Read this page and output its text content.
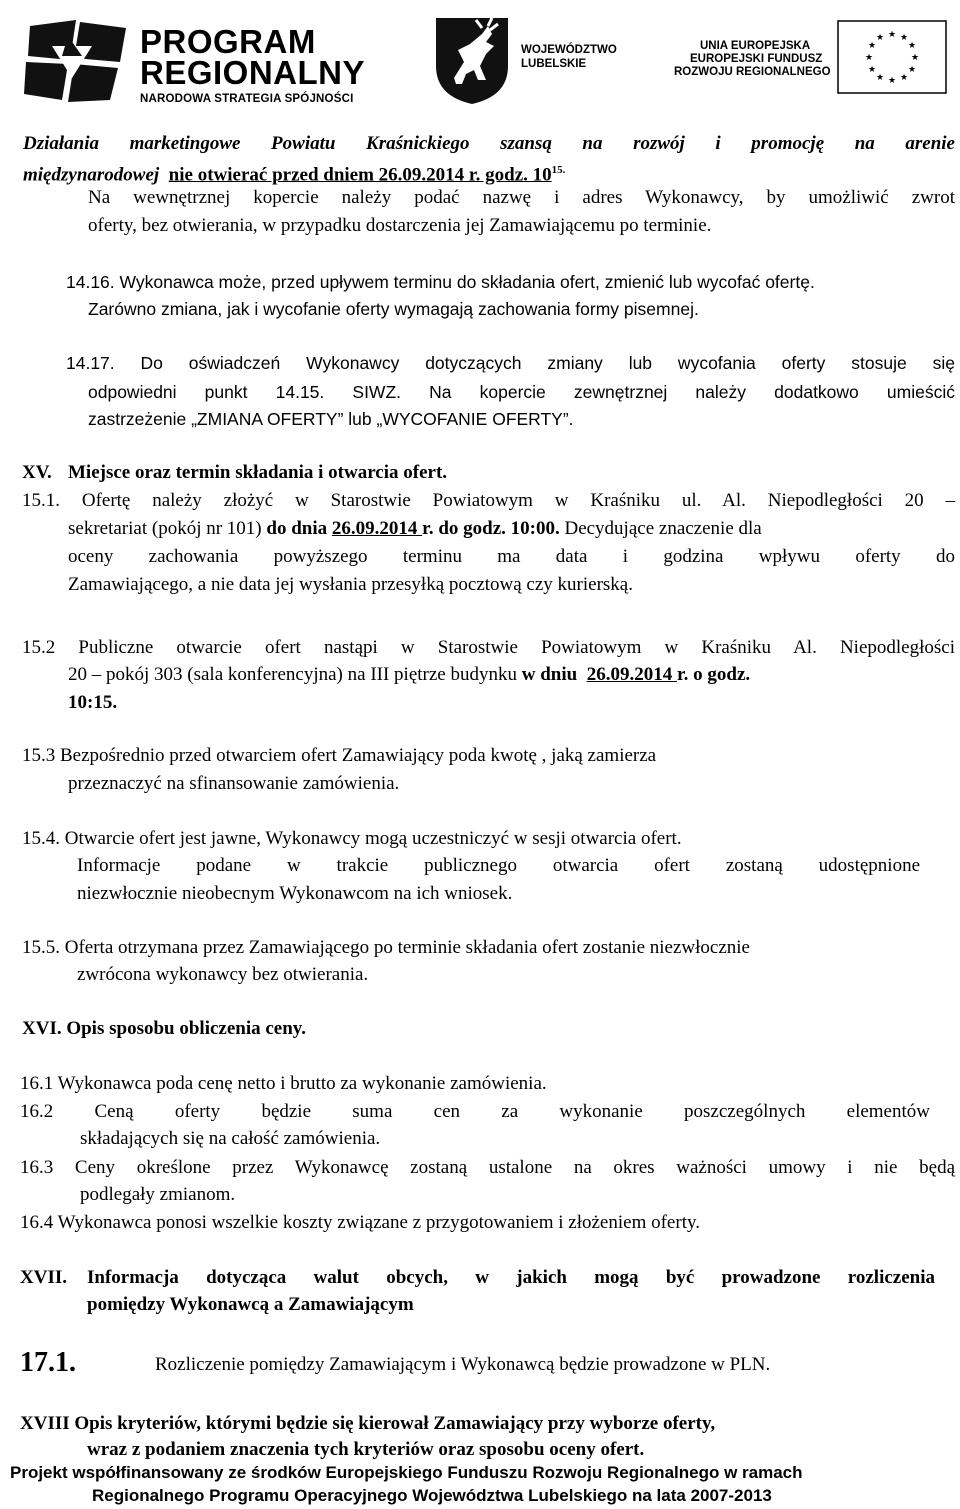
PROGRAM
REGIONALNY
NARODOWA STRATEGIA SPÓJNOŚCI
WOJEWÓDZTWO
LUBELSKIE
UNIA EUROPEJSKA
EUROPEJSKI FUNDUSZ
ROZWOJU REGIONALNEGO
★ ★
★
★
★
★
★
★
★
★
★
★
Działania marketingowe Powiatu Kraśnickiego szansą na rozwój i promocję na arenie
międzynarodowej nie otwierać przed dniem 26.09.2014 r. godz. $10^{15.}$
Na wewnętrznej kopercie należy podać nazwę i adres Wykonawcy, by umożliwić zwrot
oferty, bez otwierania, w przypadku dostarczenia jej Zamawiającemu po terminie.
14.16. Wykonawca może, przed upływem terminu do składania ofert, zmienić lub wycofać ofertę.
Zarówno zmiana, jak i wycofanie oferty wymagają zachowania formy pisemnej.
14.17. Do oświadczeń Wykonawcy dotyczących zmiany lub wycofania oferty stosuje się
odpowiedni punkt 14.15. SIWZ. Na kopercie zewnętrznej należy dodatkowo umieścić
zastrzeżenie „ZMIANA OFERTY” lub „WYCOFANIE OFERTY”.
XV. Miejsce oraz termin składania i otwarcia ofert.
15.1. Ofertę należy złożyć w Starostwie Powiatowym w Kraśniku ul. Al. Niepodległości 20 –
sekretariat (pokój nr 101) do dnia 26.09.2014 r. do godz. 10:00. Decydujące znaczenie dla
oceny zachowania powyższego terminu ma data i godzina wpływu oferty do
Zamawiającego, a nie data jej wysłania przesyłką pocztową czy kurierską.
15.2 Publiczne otwarcie ofert nastąpi w Starostwie Powiatowym w Kraśniku Al. Niepodległości
20 – pokój 303 (sala konferencyjna) na III piętrze budynku w dniu  26.09.2014 r. o godz.
10:15.
15.3 Bezpośrednio przed otwarciem ofert Zamawiający poda kwotę , jaką zamierza
przeznaczyć na sfinansowanie zamówienia.
15.4. Otwarcie ofert jest jawne, Wykonawcy mogą uczestniczyć w sesji otwarcia ofert.
Informacje podane w trakcie publicznego otwarcia ofert zostaną udostępnione
niezwłocznie nieobecnym Wykonawcom na ich wniosek.
15.5. Oferta otrzymana przez Zamawiającego po terminie składania ofert zostanie niezwłocznie
zwrócona wykonawcy bez otwierania.
XVI. Opis sposobu obliczenia ceny.
16.1 Wykonawca poda cenę netto i brutto za wykonanie zamówienia.
16.2 Ceną oferty będzie suma cen za wykonanie poszczególnych elementów
składających się na całość zamówienia.
16.3 Ceny określone przez Wykonawcę zostaną ustalone na okres ważności umowy i nie będą
podlegały zmianom.
16.4 Wykonawca ponosi wszelkie koszty związane z przygotowaniem i złożeniem oferty.
XVII. Informacja dotycząca walut obcych, w jakich mogą być prowadzone rozliczenia
pomiędzy Wykonawcą a Zamawiającym
17.1.	Rozliczenie pomiędzy Zamawiającym i Wykonawcą będzie prowadzone w PLN.
XVIII Opis kryteriów, którymi będzie się kierował Zamawiający przy wyborze oferty,
wraz z podaniem znaczenia tych kryteriów oraz sposobu oceny ofert.
Projekt współfinansowany ze środków Europejskiego Funduszu Rozwoju Regionalnego w ramach
Regionalnego Programu Operacyjnego Województwa Lubelskiego na lata 2007-2013
